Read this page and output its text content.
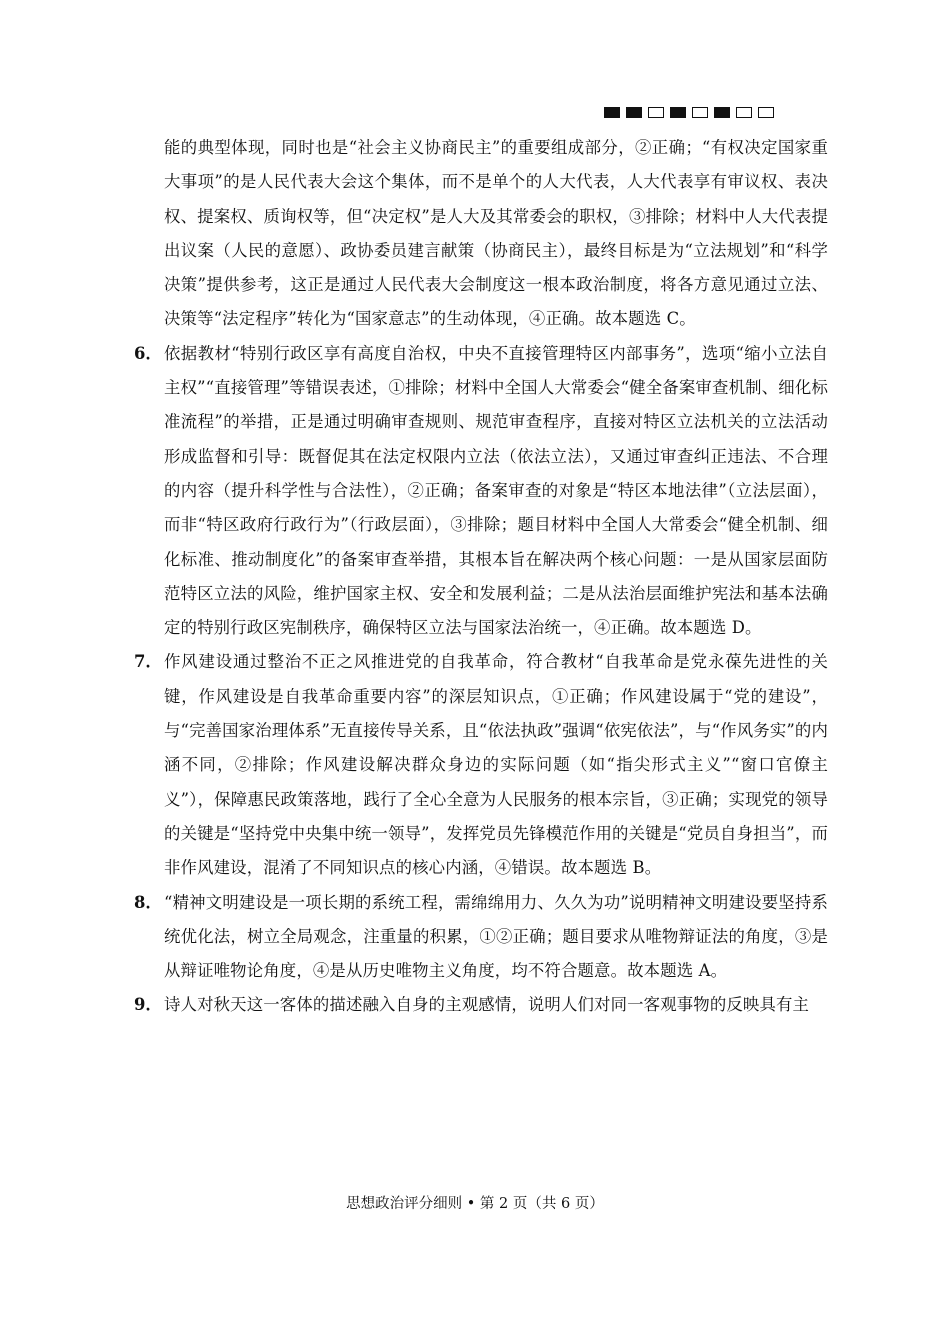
能的典型体现，同时也是“社会主义协商民主”的重要组成部分，②正确；“有权决定国家重大事项”的是人民代表大会这个集体，而不是单个的人大代表，人大代表享有审议权、表决权、提案权、质询权等，但“决定权”是人大及其常委会的职权，③排除；材料中人大代表提出议案（人民的意愿）、政协委员建言献策（协商民主），最终目标是为“立法规划”和“科学决策”提供参考，这正是通过人民代表大会制度这一根本政治制度，将各方意见通过立法、决策等“法定程序”转化为“国家意志”的生动体现，④正确。故本题选 C。

6． 依据教材“特别行政区享有高度自治权，中央不直接管理特区内部事务”，选项“缩小立法自主权”“直接管理”等错误表述，①排除；材料中全国人大常委会“健全备案审查机制、细化标准流程”的举措，正是通过明确审查规则、规范审查程序，直接对特区立法机关的立法活动形成监督和引导：既督促其在法定权限内立法（依法立法），又通过审查纠正违法、不合理的内容（提升科学性与合法性），②正确；备案审查的对象是“特区本地法律”（立法层面），而非“特区政府行政行为”（行政层面），③排除；题目材料中全国人大常委会“健全机制、细化标准、推动制度化”的备案审查举措，其根本旨在解决两个核心问题：一是从国家层面防范特区立法的风险，维护国家主权、安全和发展利益；二是从法治层面维护宪法和基本法确定的特别行政区宪制秩序，确保特区立法与国家法治统一，④正确。故本题选 D。

7． 作风建设通过整治不正之风推进党的自我革命，符合教材“自我革命是党永葆先进性的关键，作风建设是自我革命重要内容”的深层知识点，①正确；作风建设属于“党的建设”，与“完善国家治理体系”无直接传导关系，且“依法执政”强调“依宪依法”，与“作风务实”的内涵不同，②排除；作风建设解决群众身边的实际问题（如“指尖形式主义”“窗口官僚主义”），保障惠民政策落地，践行了全心全意为人民服务的根本宗旨，③正确；实现党的领导的关键是“坚持党中央集中统一领导”，发挥党员先锋模范作用的关键是“党员自身担当”，而非作风建设，混淆了不同知识点的核心内涵，④错误。故本题选 B。

8． “精神文明建设是一项长期的系统工程，需绵绵用力、久久为功”说明精神文明建设要坚持系统优化法，树立全局观念，注重量的积累，①②正确；题目要求从唯物辩证法的角度，③是从辩证唯物论角度，④是从历史唯物主义角度，均不符合题意。故本题选 A。

9． 诗人对秋天这一客体的描述融入自身的主观感情，说明人们对同一客观事物的反映具有主

思想政治评分细则 • 第 2 页（共 6 页）
